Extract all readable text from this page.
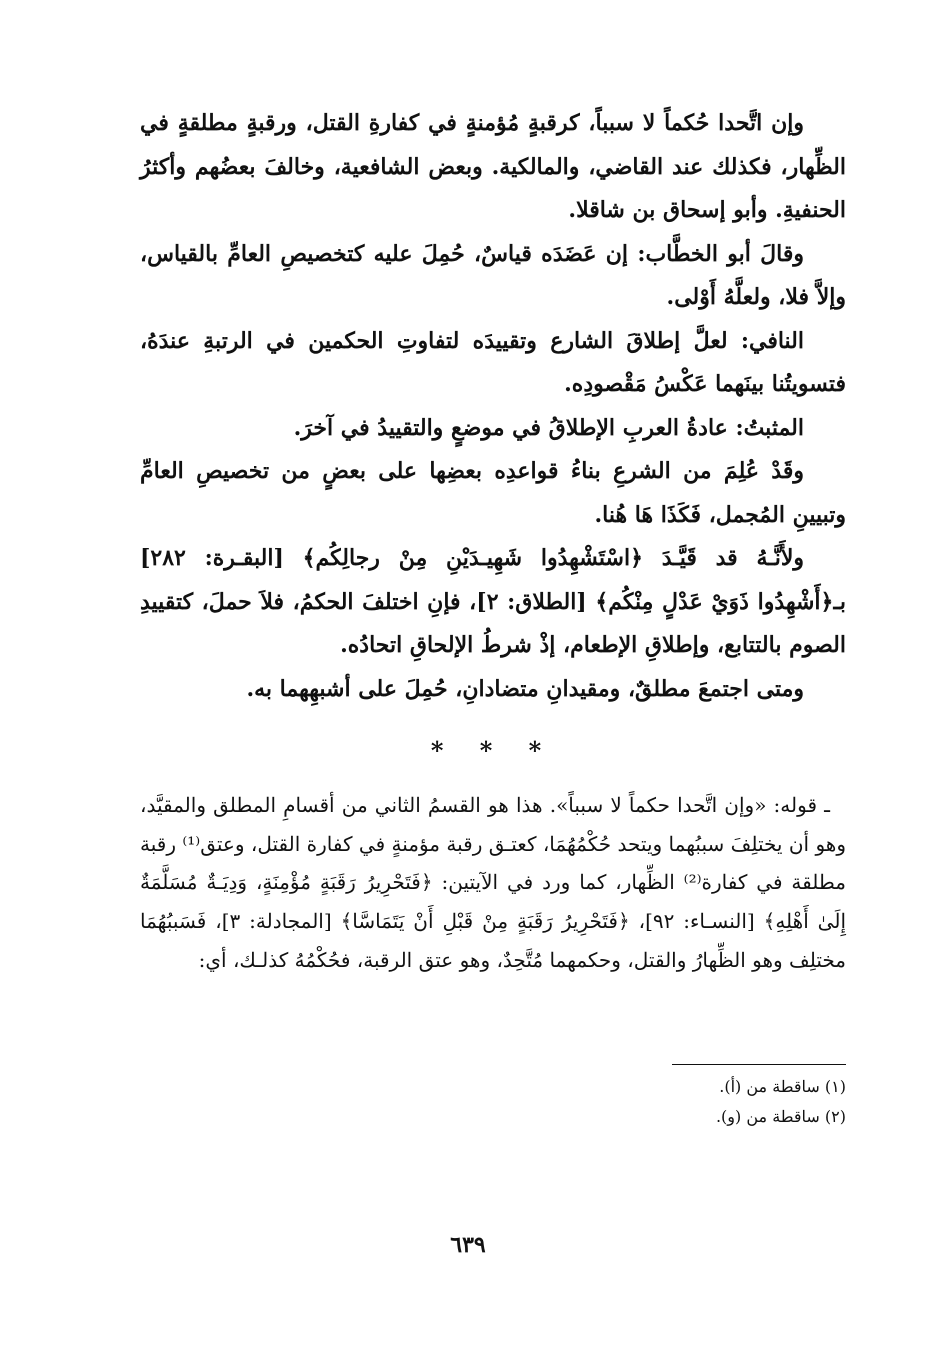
وإن اتَّحدا حُكماً لا سبباً، كرقبةٍ مُؤمنةٍ في كفارةِ القتل، ورقبةٍ مطلقةٍ في الظِّهار، فكذلك عند القاضي، والمالكية. وبعض الشافعية، وخالفَ بعضُهم وأكثرُ الحنفيةِ. وأبو إسحاق بن شاقلا.

وقالَ أبو الخطَّاب: إن عَضَدَه قياسٌ، حُمِلَ عليه كتخصيصِ العامِّ بالقياس، وإلاَّ فلا، ولعلَّهُ أَوْلى.

النافي: لعلَّ إطلاقَ الشارع وتقييدَه لتفاوتِ الحكمين في الرتبةِ عندَهُ، فتسويتُنا بينَهما عَكْسُ مَقْصودِه.

المثبتُ: عادةُ العربِ الإطلاقُ في موضعٍ والتقييدُ في آخرَ.

وقَدْ عُلِمَ من الشرعِ بناءُ قواعدِه بعضِها على بعضٍ من تخصيصِ العامِّ وتبيينِ المُجمل، فَكَذَا هَا هُنا.

ولأَنَّـهُ قد قَيَّـدَ ﴿اسْتَشْهِدُوا شَهِيـدَيْنِ مِنْ رجالِكُم﴾ [البقـرة: ٢٨٢] بـ﴿أَشْهِدُوا ذَوَيْ عَدْلٍ مِنْكُم﴾ [الطلاق: ٢]، فإنِ اختلفَ الحكمُ، فلاَ حملَ، كتقييدِ الصوم بالتتابع، وإطلاقِ الإطعام، إذْ شرطُ الإلحاقِ اتحادُه.

ومتى اجتمعَ مطلقٌ، ومقيدانِ متضادانِ، حُمِلَ على أشبهِهما به.

* * *

ـ قوله: «وإن اتَّحدا حكماً لا سبباً». هذا هو القسمُ الثاني من أقسامِ المطلق والمقيَّد، وهو أن يختلِفَ سببُهما ويتحد حُكْمُهُمَا، كعتـق رقبة مؤمنةٍ في كفارة القتل، وعتق⁽¹⁾ رقبة مطلقة في كفارة⁽²⁾ الظِّهار، كما ورد في الآيتين: ﴿فَتَحْرِيرُ رَقَبَةٍ مُؤْمِنَةٍ، وَدِيَـةٌ مُسَلَّمَةٌ إِلَىٰ أَهْلِهِ﴾ [النسـاء: ٩٢]، ﴿فَتَحْرِيرُ رَقَبَةٍ مِنْ قَبْلِ أَنْ يَتَمَاسَّا﴾ [المجادلة: ٣]، فَسَببُهُمَا مختلِف وهو الظِّهارُ والقتل، وحكمهما مُتَّحِدٌ، وهو عتق الرقبة، فحُكْمُهُ كذلـك، أي:

(١) ساقطة من (أ).
(٢) ساقطة من (و).
٦٣٩
